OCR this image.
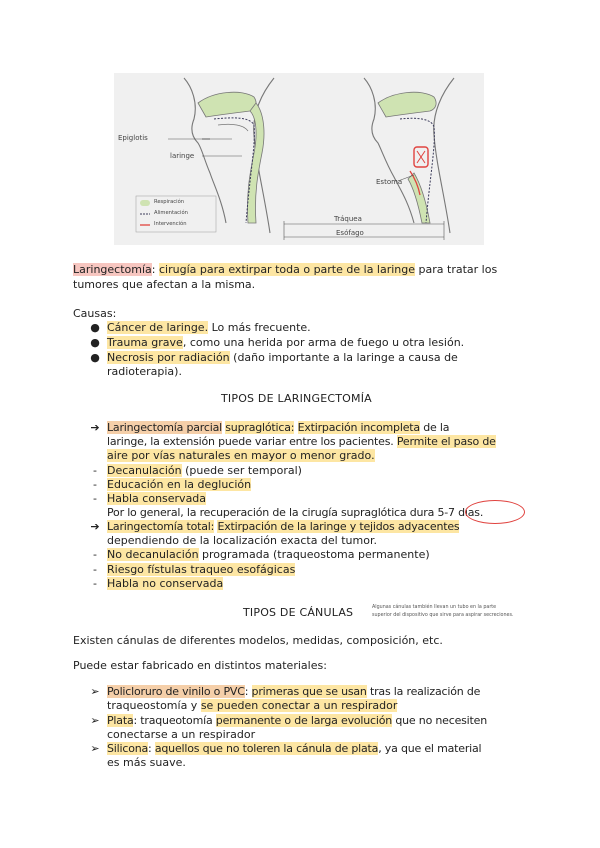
Epiglotis
laringe
Estoma
Tráquea
Esófago
Respiración
Alimentación
Intervención
Laringectomía: cirugía para extirpar toda o parte de la laringe para tratar los
tumores que afectan a la misma.
Causas:
● Cáncer de laringe. Lo más frecuente.
● Trauma grave, como una herida por arma de fuego u otra lesión.
● Necrosis por radiación (daño importante a la laringe a causa de
radioterapia).
TIPOS DE LARINGECTOMÍA
➔ Laringectomía parcial supraglótica: Extirpación incompleta de la
laringe, la extensión puede variar entre los pacientes. Permite el paso de
aire por vías naturales en mayor o menor grado.
- Decanulación (puede ser temporal)
- Educación en la deglución
- Habla conservada
Por lo general, la recuperación de la cirugía supraglótica dura 5-7 días.
➔ Laringectomía total: Extirpación de la laringe y tejidos adyacentes
dependiendo de la localización exacta del tumor.
- No decanulación programada (traqueostoma permanente)
- Riesgo fístulas traqueo esofágicas
- Habla no conservada
TIPOS DE CÁNULAS	Algunas cánulas también llevan un tubo en la parte
superior del dispositivo que sirve para aspirar secreciones.
Existen cánulas de diferentes modelos, medidas, composición, etc.
Puede estar fabricado en distintos materiales:
➢ Policloruro de vinilo o PVC: primeras que se usan tras la realización de
traqueostomía y se pueden conectar a un respirador
➢ Plata: traqueotomía permanente o de larga evolución que no necesiten
conectarse a un respirador
➢ Silicona: aquellos que no toleren la cánula de plata, ya que el material
es más suave.
